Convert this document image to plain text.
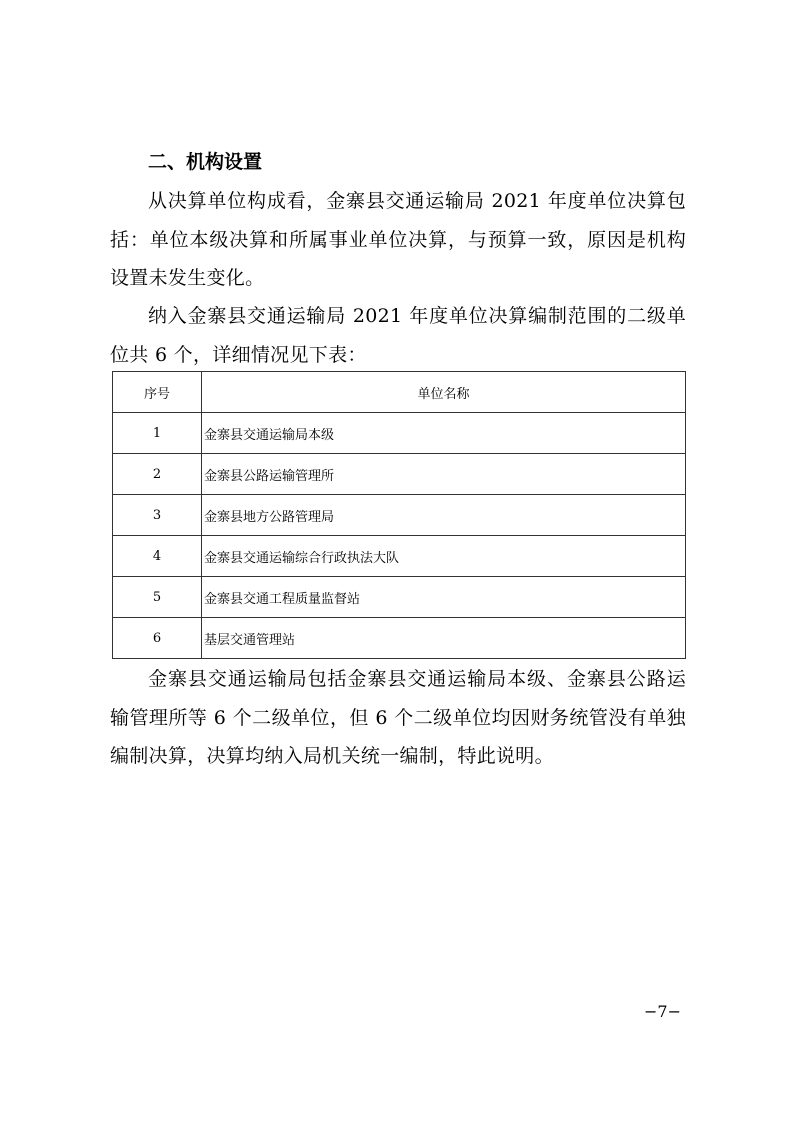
二、机构设置

从决算单位构成看，金寨县交通运输局 2021 年度单位决算包括：单位本级决算和所属事业单位决算，与预算一致，原因是机构设置未发生变化。

纳入金寨县交通运输局 2021 年度单位决算编制范围的二级单位共 6 个，详细情况见下表：

序号	单位名称
1	金寨县交通运输局本级
2	金寨县公路运输管理所
3	金寨县地方公路管理局
4	金寨县交通运输综合行政执法大队
5	金寨县交通工程质量监督站
6	基层交通管理站

金寨县交通运输局包括金寨县交通运输局本级、金寨县公路运输管理所等 6 个二级单位，但 6 个二级单位均因财务统管没有单独编制决算，决算均纳入局机关统一编制，特此说明。

−7−
